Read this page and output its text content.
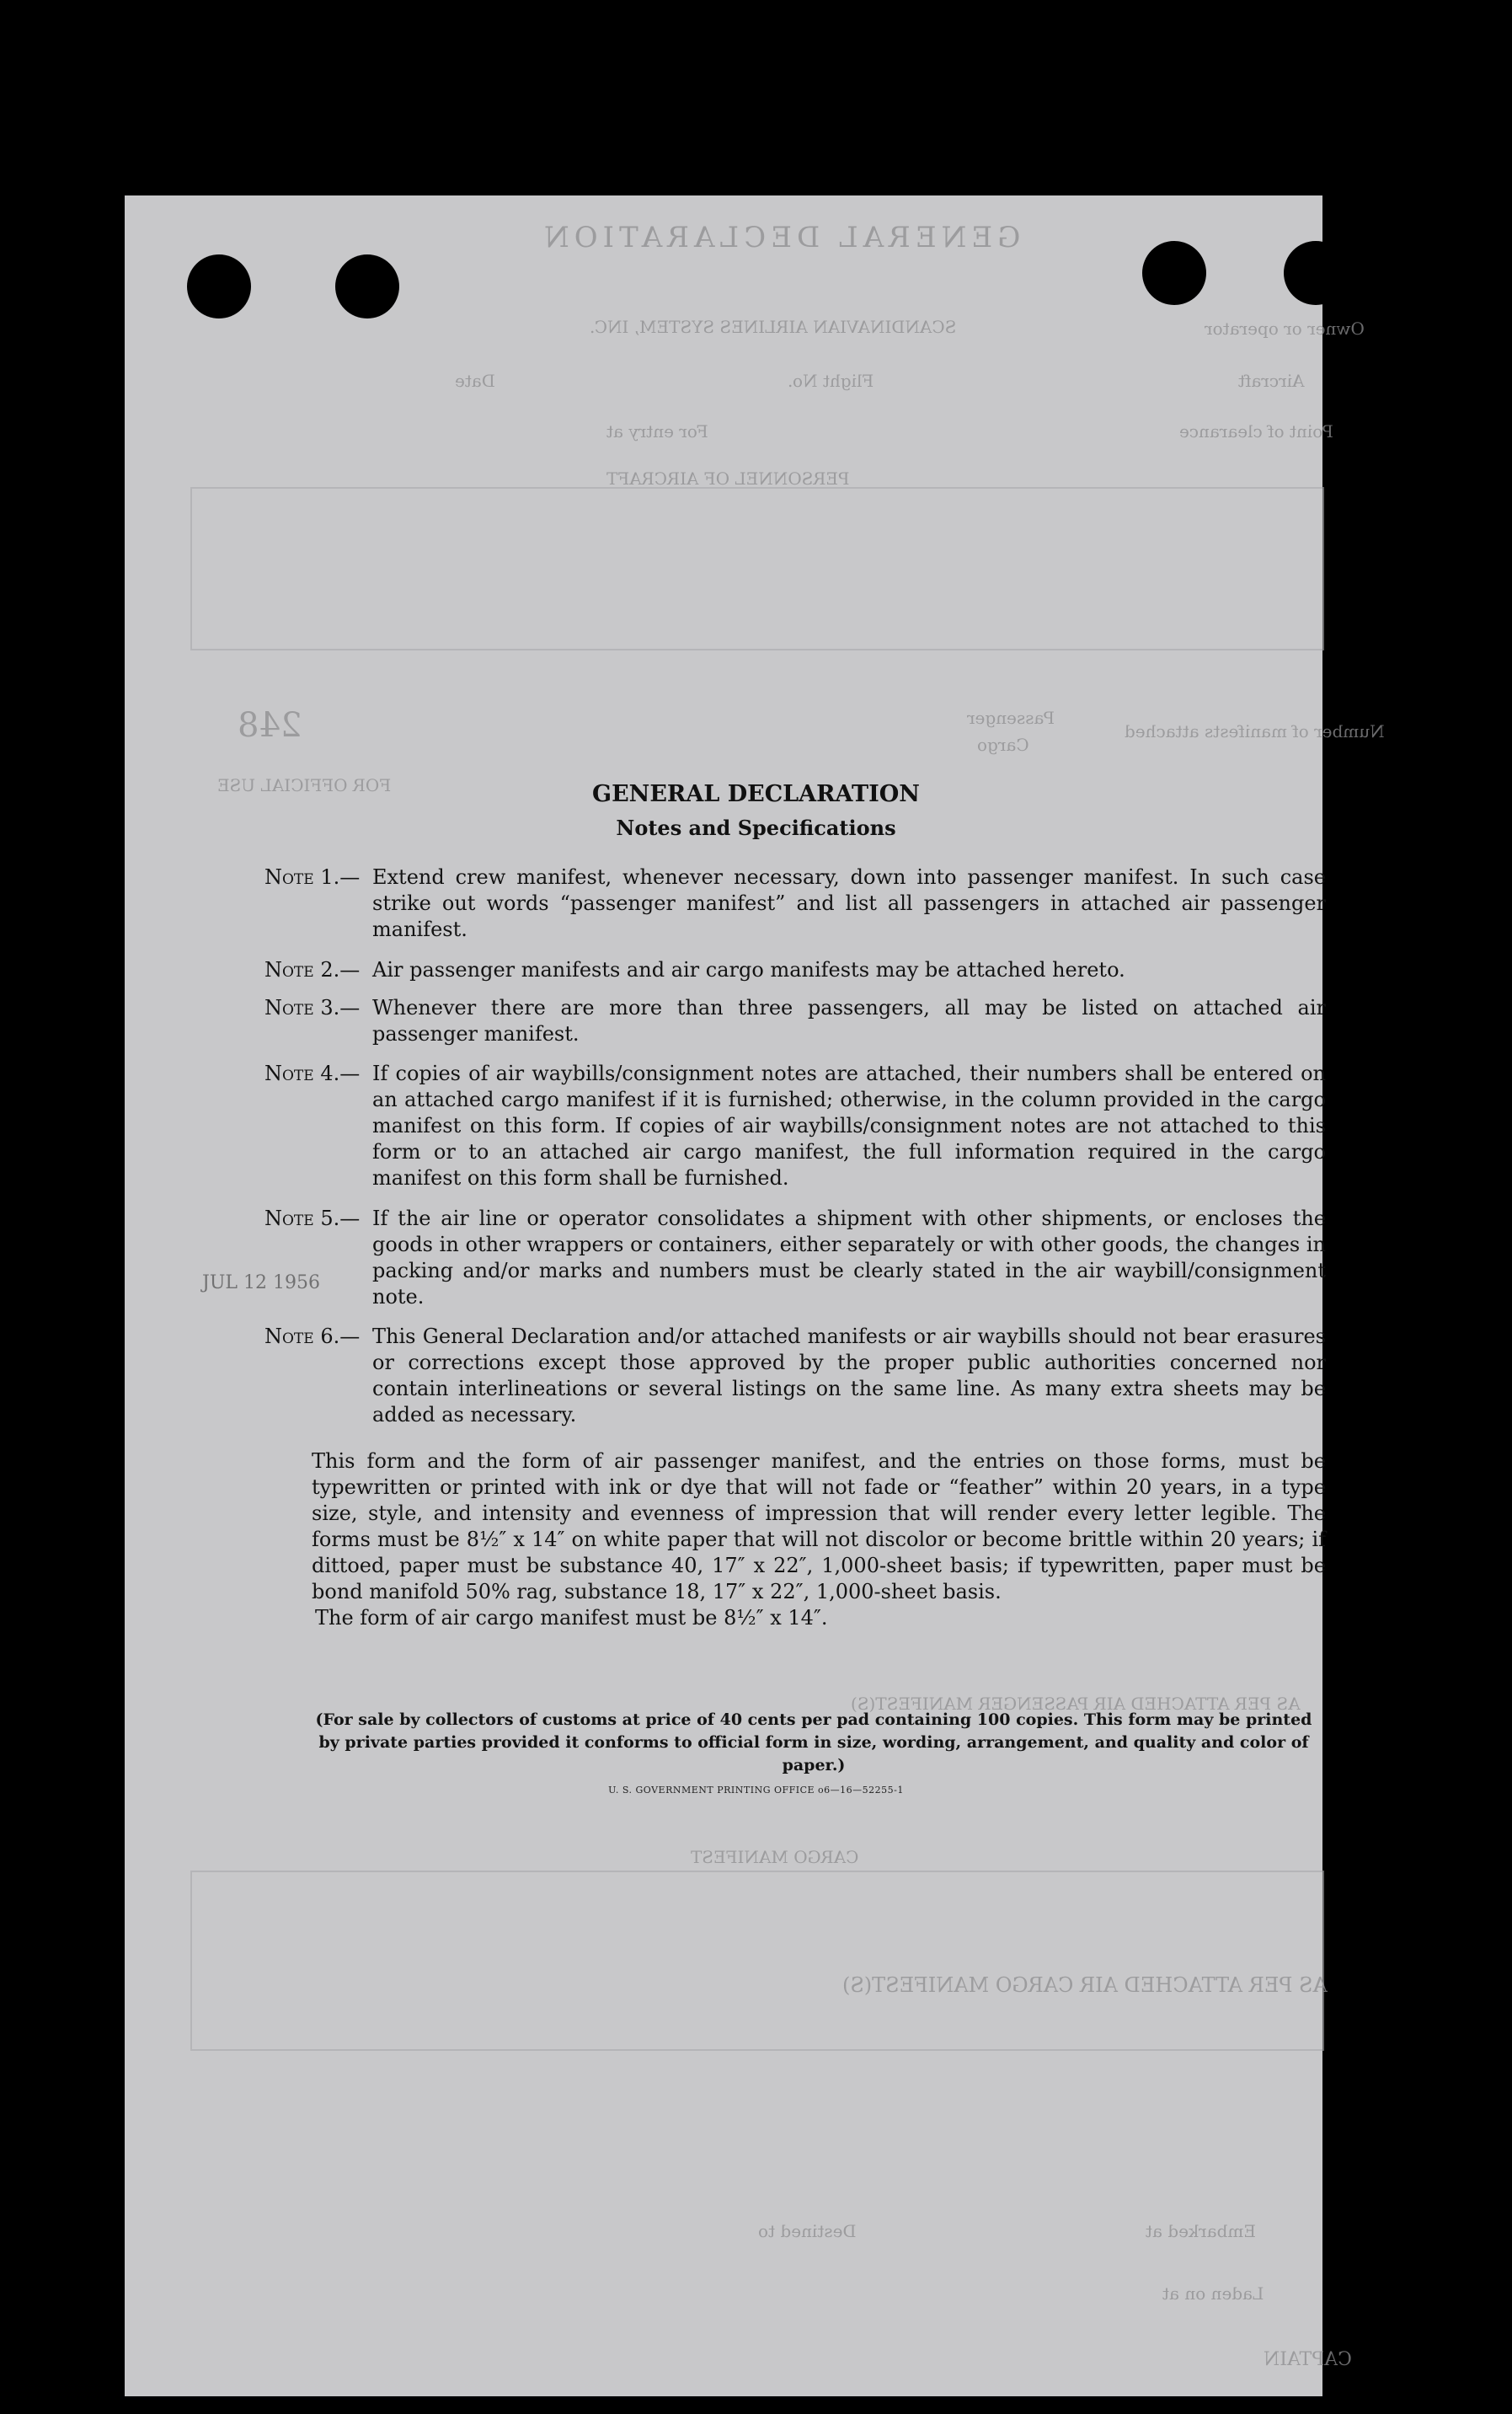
GENERAL DECLARATION
Owner or operator
SCANDINAVIAN AIRLINES SYSTEM, INC.
Aircraft
Flight No.
Date
Point of clearance
For entry at
PERSONNEL OF AIRCRAFT
Number of manifests attached
Passenger
Cargo
248
FOR OFFICIAL USE
JUL 12 1956
AS PER ATTACHED AIR PASSENGER MANIFEST(S)
CARGO MANIFEST
AS PER ATTACHED AIR CARGO MANIFEST(S)
Embarked at
Destined to
Laden on at
CAPTAIN
GENERAL DECLARATION
Notes and Specifications
Note 1.— Extend crew manifest, whenever necessary, down into passenger manifest. In such case strike out words “passenger manifest” and list all passengers in attached air passenger manifest.
Note 2.— Air passenger manifests and air cargo manifests may be attached hereto.
Note 3.— Whenever there are more than three passengers, all may be listed on attached air passenger manifest.
Note 4.— If copies of air waybills/consignment notes are attached, their numbers shall be entered on an attached cargo manifest if it is furnished; otherwise, in the column provided in the cargo manifest on this form. If copies of air waybills/consignment notes are not attached to this form or to an attached air cargo manifest, the full information required in the cargo manifest on this form shall be furnished.
Note 5.— If the air line or operator consolidates a shipment with other shipments, or encloses the goods in other wrappers or containers, either separately or with other goods, the changes in packing and/or marks and numbers must be clearly stated in the air waybill/consignment note.
Note 6.— This General Declaration and/or attached manifests or air waybills should not bear erasures or corrections except those approved by the proper public authorities concerned nor contain interlineations or several listings on the same line. As many extra sheets may be added as necessary.
This form and the form of air passenger manifest, and the entries on those forms, must be typewritten or printed with ink or dye that will not fade or “feather” within 20 years, in a type size, style, and intensity and evenness of impression that will render every letter legible. The forms must be 8½″ x 14″ on white paper that will not discolor or become brittle within 20 years; if dittoed, paper must be substance 40, 17″ x 22″, 1,000-sheet basis; if typewritten, paper must be bond manifold 50% rag, substance 18, 17″ x 22″, 1,000-sheet basis.
The form of air cargo manifest must be 8½″ x 14″.
(For sale by collectors of customs at price of 40 cents per pad containing 100 copies. This form may be printed by private parties provided it conforms to official form in size, wording, arrangement, and quality and color of paper.)
U. S. GOVERNMENT PRINTING OFFICE o6—16—52255-1
